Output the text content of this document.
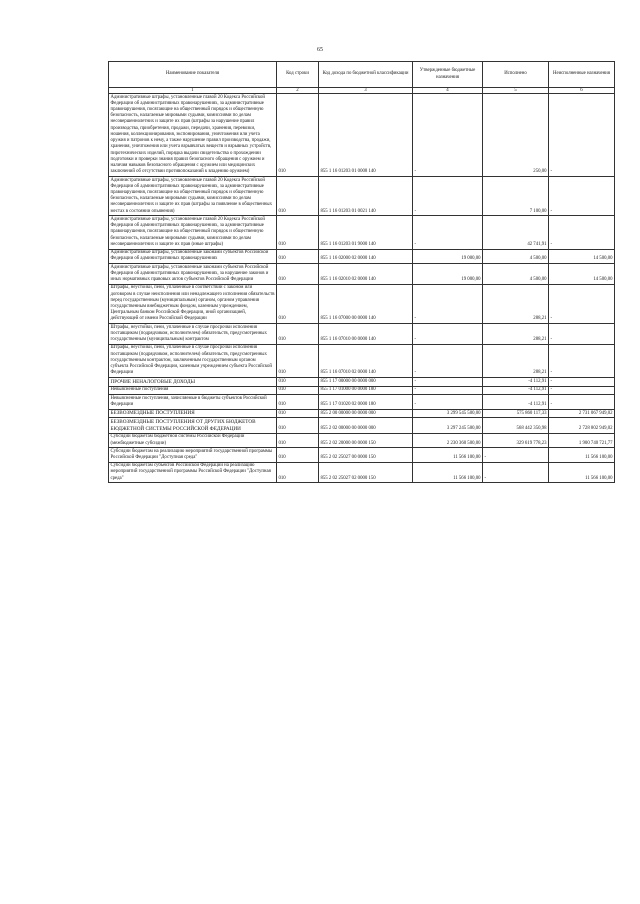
65
Наименование показателя	Код строки	Код дохода по бюджетной классификации	Утвержденные бюджетные назначения	Исполнено	Неисполненные назначения
1	2	3	4	5	6
Административные штрафы, установленные главой 20 Кодекса Российской Федерации об административных правонарушениях, за административные правонарушения, посягающие на общественный порядок и общественную безопасность, налагаемые мировыми судьями, комиссиями по делам несовершеннолетних и защите их прав (штрафы за нарушение правил производства, приобретения, продажи, передачи, хранения, перевозки, ношения, коллекционирования, экспонирования, уничтожения или учета оружия и патронов к нему, а также нарушение правил производства, продажи, хранения, уничтожения или учета взрывчатых веществ и взрывных устройств, пиротехнических изделий, порядка выдачи свидетельства о прохождении подготовки и проверки знания правил безопасного обращения с оружием и наличия навыков безопасного обращения с оружием или медицинских заключений об отсутствии противопоказаний к владению оружием)	010	855 1 16 01203 01 0008 140	-	250,00	-
Административные штрафы, установленные главой 20 Кодекса Российской Федерации об административных правонарушениях, за административные правонарушения, посягающие на общественный порядок и общественную безопасность, налагаемые мировыми судьями, комиссиями по делам несовершеннолетних и защите их прав (штрафы за появление в общественных местах в состоянии опьянения)	010	855 1 16 01203 01 0021 140	-	7 100,00	-
Административные штрафы, установленные главой 20 Кодекса Российской Федерации об административных правонарушениях, за административные правонарушения, посягающие на общественный порядок и общественную безопасность, налагаемые мировыми судьями, комиссиями по делам несовершеннолетних и защите их прав (иные штрафы)	010	855 1 16 01203 01 9000 140	-	42 741,91	-
Административные штрафы, установленные законами субъектов Российской Федерации об административных правонарушениях	010	855 1 16 02000 02 0000 140	19 000,00	4 500,00	14 500,00
Административные штрафы, установленные законами субъектов Российской Федерации об административных правонарушениях, за нарушение законов и иных нормативных правовых актов субъектов Российской Федерации	010	855 1 16 02010 02 0000 140	19 000,00	4 500,00	14 500,00
Штрафы, неустойки, пени, уплаченные в соответствии с законом или договором в случае неисполнения или ненадлежащего исполнения обязательств перед государственным (муниципальным) органом, органом управления государственным внебюджетным фондом, казенным учреждением, Центральным банком Российской Федерации, иной организацией, действующей от имени Российской Федерации	010	855 1 16 07000 00 0000 140	-	288,21	-
Штрафы, неустойки, пени, уплаченные в случае просрочки исполнения поставщиком (подрядчиком, исполнителем) обязательств, предусмотренных государственным (муниципальным) контрактом	010	855 1 16 07010 00 0000 140	-	288,21	-
Штрафы, неустойки, пени, уплаченные в случае просрочки исполнения поставщиком (подрядчиком, исполнителем) обязательств, предусмотренных государственным контрактом, заключенным государственным органом субъекта Российской Федерации, казенным учреждением субъекта Российской Федерации	010	855 1 16 07010 02 0000 140	-	288,21	-
ПРОЧИЕ НЕНАЛОГОВЫЕ ДОХОДЫ	010	855 1 17 00000 00 0000 000	-	-4 112,91	-
Невыясненные поступления	010	855 1 17 01000 00 0000 180	-	-4 112,91	-
Невыясненные поступления, зачисляемые в бюджеты субъектов Российской Федерации	010	855 1 17 01020 02 0000 180	-	-4 112,91	-
БЕЗВОЗМЕЗДНЫЕ ПОСТУПЛЕНИЯ	010	855 2 00 00000 00 0000 000	3 299 545 500,00	575 860 117,33	2 731 067 949,02
БЕЗВОЗМЕЗДНЫЕ ПОСТУПЛЕНИЯ ОТ ДРУГИХ БЮДЖЕТОВ БЮДЖЕТНОЙ СИСТЕМЫ РОССИЙСКОЙ ФЕДЕРАЦИИ	010	855 2 02 00000 00 0000 000	3 297 245 500,00	568 442 350,98	2 728 802 949,02
Субсидии бюджетам бюджетной системы Российской Федерации (межбюджетные субсидии)	010	855 2 02 20000 00 0000 150	2 230 360 500,00	329 619 778,23	1 900 740 721,77
Субсидии бюджетам на реализацию мероприятий государственной программы Российской Федерации "Доступная среда"	010	855 2 02 25027 00 0000 150	11 566 100,00	-	11 566 100,00
Субсидии бюджетам субъектов Российской Федерации на реализацию мероприятий государственной программы Российской Федерации "Доступная среда"	010	855 2 02 25027 02 0000 150	11 566 100,00	-	11 566 100,00
